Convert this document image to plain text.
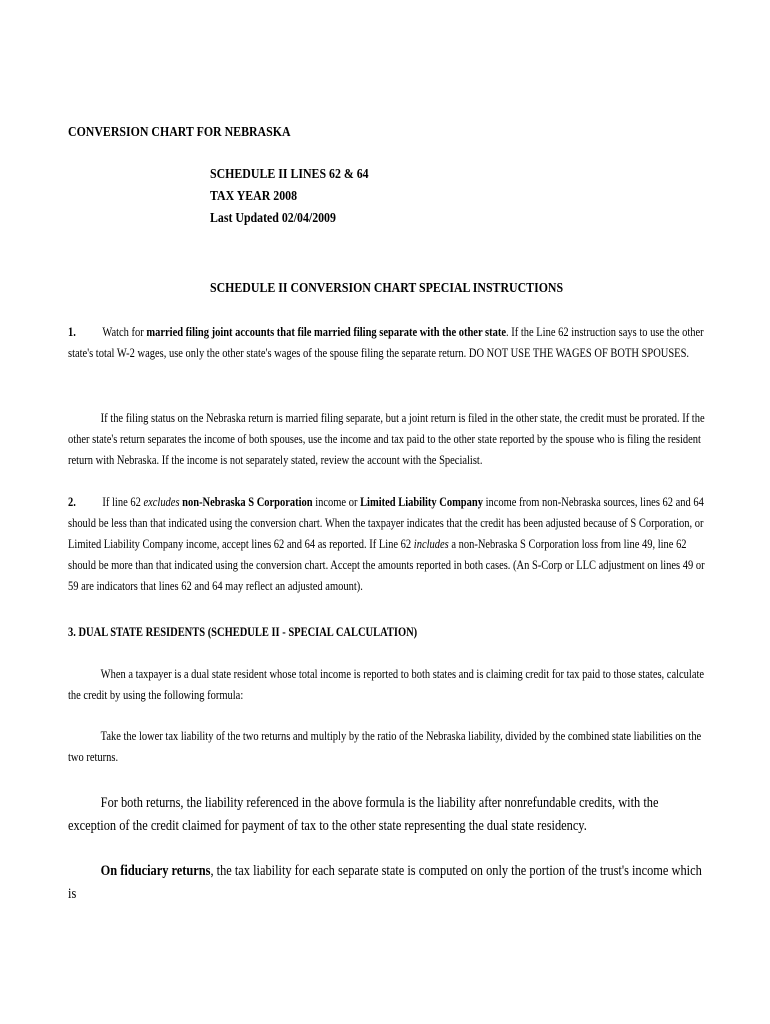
CONVERSION CHART FOR NEBRASKA
SCHEDULE II LINES 62 & 64
TAX YEAR 2008
Last Updated 02/04/2009
SCHEDULE II CONVERSION CHART SPECIAL INSTRUCTIONS
1. Watch for married filing joint accounts that file married filing separate with the other state. If the Line 62 instruction says to use the other state's total W-2 wages, use only the other state's wages of the spouse filing the separate return. DO NOT USE THE WAGES OF BOTH SPOUSES.
If the filing status on the Nebraska return is married filing separate, but a joint return is filed in the other state, the credit must be prorated. If the other state's return separates the income of both spouses, use the income and tax paid to the other state reported by the spouse who is filing the resident return with Nebraska. If the income is not separately stated, review the account with the Specialist.
2. If line 62 excludes non-Nebraska S Corporation income or Limited Liability Company income from non-Nebraska sources, lines 62 and 64 should be less than that indicated using the conversion chart. When the taxpayer indicates that the credit has been adjusted because of S Corporation, or Limited Liability Company income, accept lines 62 and 64 as reported. If Line 62 includes a non-Nebraska S Corporation loss from line 49, line 62 should be more than that indicated using the conversion chart. Accept the amounts reported in both cases. (An S-Corp or LLC adjustment on lines 49 or 59 are indicators that lines 62 and 64 may reflect an adjusted amount).
3. DUAL STATE RESIDENTS (SCHEDULE II - SPECIAL CALCULATION)
When a taxpayer is a dual state resident whose total income is reported to both states and is claiming credit for tax paid to those states, calculate the credit by using the following formula:
Take the lower tax liability of the two returns and multiply by the ratio of the Nebraska liability, divided by the combined state liabilities on the two returns.
For both returns, the liability referenced in the above formula is the liability after nonrefundable credits, with the exception of the credit claimed for payment of tax to the other state representing the dual state residency.
On fiduciary returns, the tax liability for each separate state is computed on only the portion of the trust's income which is
